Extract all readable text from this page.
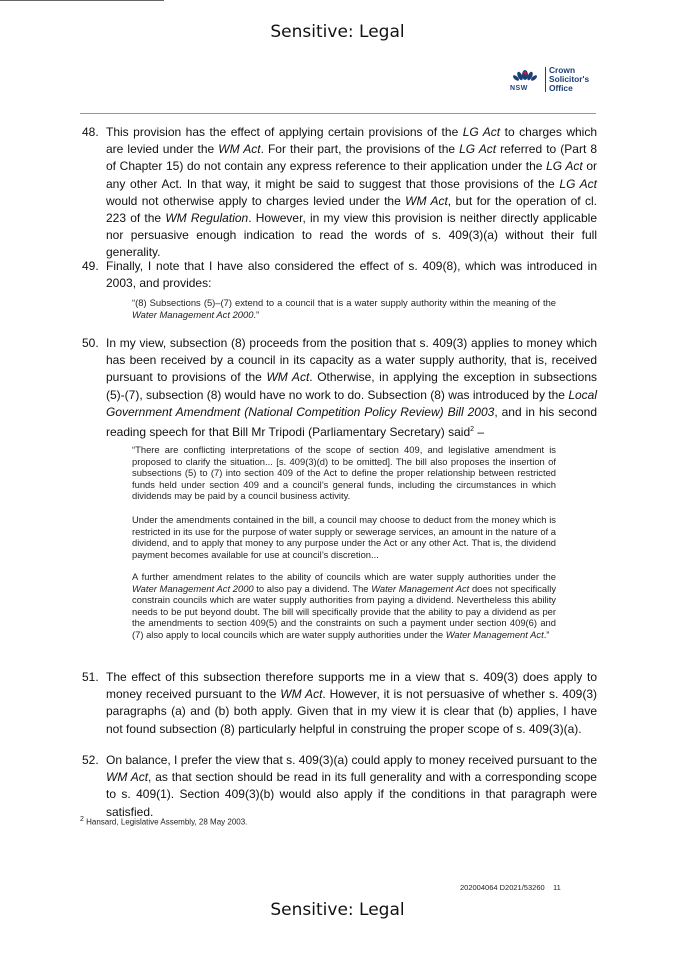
Sensitive: Legal
NSW
Crown
Solicitor's
Office
48. This provision has the effect of applying certain provisions of the LG Act to charges which are levied under the WM Act. For their part, the provisions of the LG Act referred to (Part 8 of Chapter 15) do not contain any express reference to their application under the LG Act or any other Act. In that way, it might be said to suggest that those provisions of the LG Act would not otherwise apply to charges levied under the WM Act, but for the operation of cl. 223 of the WM Regulation. However, in my view this provision is neither directly applicable nor persuasive enough indication to read the words of s. 409(3)(a) without their full generality.
49. Finally, I note that I have also considered the effect of s. 409(8), which was introduced in 2003, and provides:
“(8) Subsections (5)–(7) extend to a council that is a water supply authority within the meaning of the Water Management Act 2000.”
50. In my view, subsection (8) proceeds from the position that s. 409(3) applies to money which has been received by a council in its capacity as a water supply authority, that is, received pursuant to provisions of the WM Act. Otherwise, in applying the exception in subsections (5)-(7), subsection (8) would have no work to do. Subsection (8) was introduced by the Local Government Amendment (National Competition Policy Review) Bill 2003, and in his second reading speech for that Bill Mr Tripodi (Parliamentary Secretary) said$^2$ –
“There are conflicting interpretations of the scope of section 409, and legislative amendment is proposed to clarify the situation... [s. 409(3)(d) to be omitted]. The bill also proposes the insertion of subsections (5) to (7) into section 409 of the Act to define the proper relationship between restricted funds held under section 409 and a council’s general funds, including the circumstances in which dividends may be paid by a council business activity.
Under the amendments contained in the bill, a council may choose to deduct from the money which is restricted in its use for the purpose of water supply or sewerage services, an amount in the nature of a dividend, and to apply that money to any purpose under the Act or any other Act. That is, the dividend payment becomes available for use at council’s discretion...
A further amendment relates to the ability of councils which are water supply authorities under the Water Management Act 2000 to also pay a dividend. The Water Management Act does not specifically constrain councils which are water supply authorities from paying a dividend. Nevertheless this ability needs to be put beyond doubt. The bill will specifically provide that the ability to pay a dividend as per the amendments to section 409(5) and the constraints on such a payment under section 409(6) and (7) also apply to local councils which are water supply authorities under the Water Management Act.”
51. The effect of this subsection therefore supports me in a view that s. 409(3) does apply to money received pursuant to the WM Act. However, it is not persuasive of whether s. 409(3) paragraphs (a) and (b) both apply. Given that in my view it is clear that (b) applies, I have not found subsection (8) particularly helpful in construing the proper scope of s. 409(3)(a).
52. On balance, I prefer the view that s. 409(3)(a) could apply to money received pursuant to the WM Act, as that section should be read in its full generality and with a corresponding scope to s. 409(1). Section 409(3)(b) would also apply if the conditions in that paragraph were satisfied.
$^2$ Hansard, Legislative Assembly, 28 May 2003.
202004064 D2021/53260 11
Sensitive: Legal
